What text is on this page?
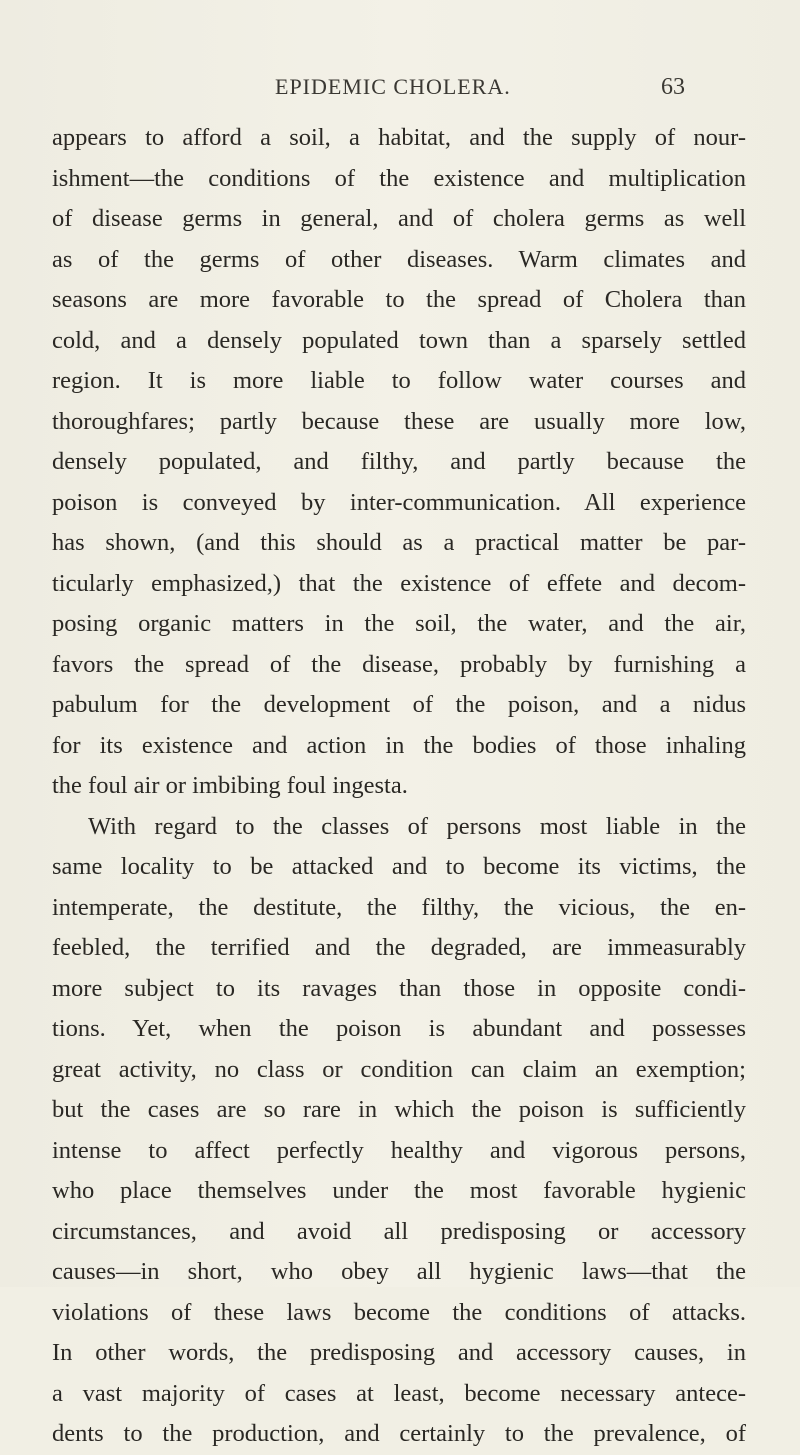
EPIDEMIC CHOLERA.	63
appears to afford a soil, a habitat, and the supply of nour-
ishment—the conditions of the existence and multiplication
of disease germs in general, and of cholera germs as well
as of the germs of other diseases. Warm climates and
seasons are more favorable to the spread of Cholera than
cold, and a densely populated town than a sparsely settled
region. It is more liable to follow water courses and
thoroughfares; partly because these are usually more low,
densely populated, and filthy, and partly because the
poison is conveyed by inter-communication. All experience
has shown, (and this should as a practical matter be par-
ticularly emphasized,) that the existence of effete and decom-
posing organic matters in the soil, the water, and the air,
favors the spread of the disease, probably by furnishing a
pabulum for the development of the poison, and a nidus
for its existence and action in the bodies of those inhaling
the foul air or imbibing foul ingesta.
With regard to the classes of persons most liable in the
same locality to be attacked and to become its victims, the
intemperate, the destitute, the filthy, the vicious, the en-
feebled, the terrified and the degraded, are immeasurably
more subject to its ravages than those in opposite condi-
tions. Yet, when the poison is abundant and possesses
great activity, no class or condition can claim an exemption;
but the cases are so rare in which the poison is sufficiently
intense to affect perfectly healthy and vigorous persons,
who place themselves under the most favorable hygienic
circumstances, and avoid all predisposing or accessory
causes—in short, who obey all hygienic laws—that the
violations of these laws become the conditions of attacks.
In other words, the predisposing and accessory causes, in
a vast majority of cases at least, become necessary antece-
dents to the production, and certainly to the prevalence, of
